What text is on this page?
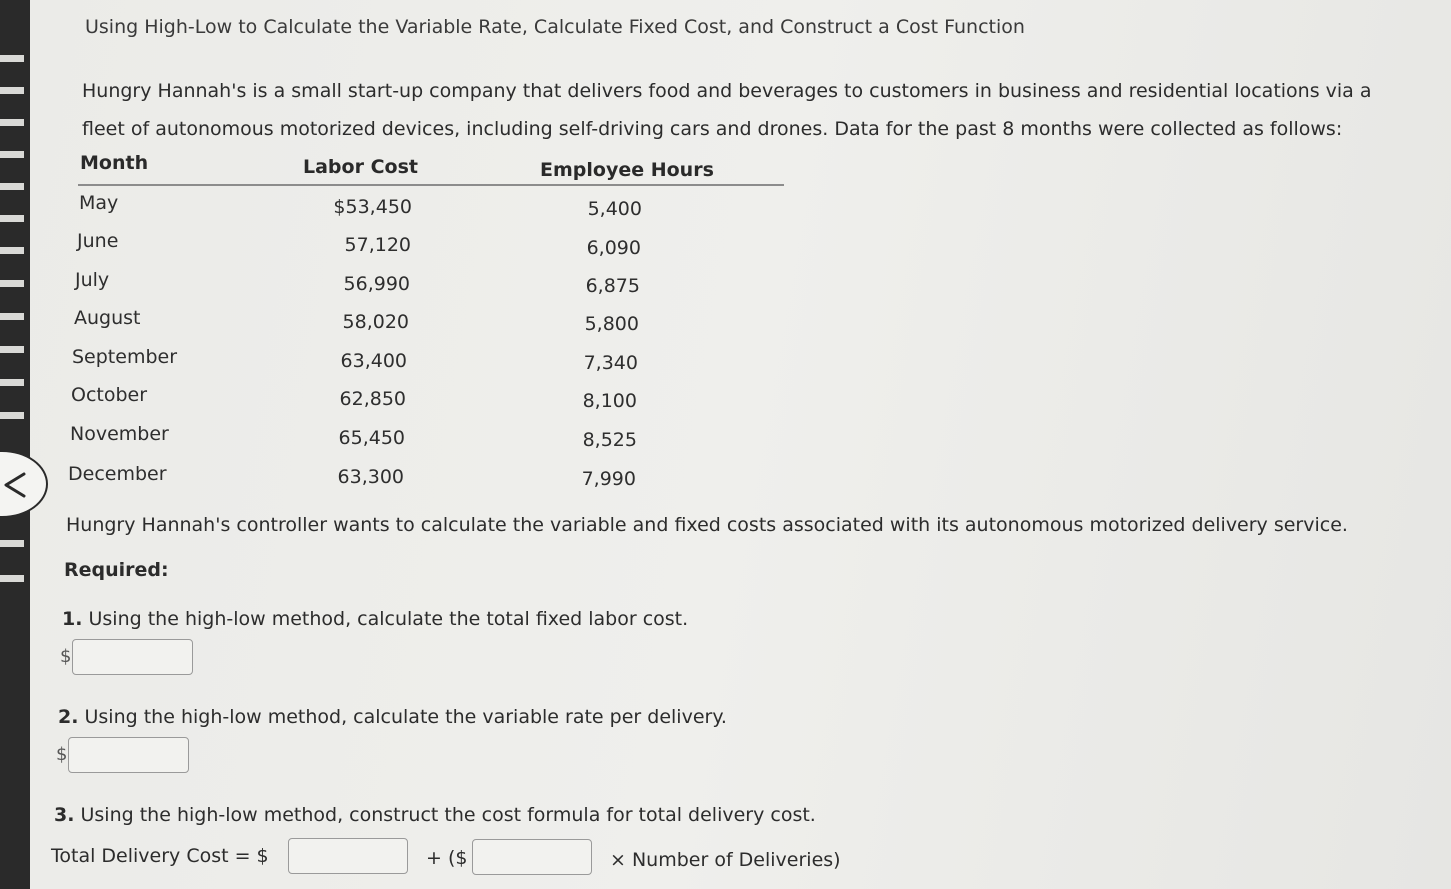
Using High-Low to Calculate the Variable Rate, Calculate Fixed Cost, and Construct a Cost Function
Hungry Hannah's is a small start-up company that delivers food and beverages to customers in business and residential locations via a
fleet of autonomous motorized devices, including self-driving cars and drones. Data for the past 8 months were collected as follows:
Month	Labor Cost	Employee Hours
May	$53,450	5,400
June	57,120	6,090
July	56,990	6,875
August	58,020	5,800
September	63,400	7,340
October	62,850	8,100
November	65,450	8,525
December	63,300	7,990
Hungry Hannah's controller wants to calculate the variable and fixed costs associated with its autonomous motorized delivery service.
Required:
1. Using the high-low method, calculate the total fixed labor cost.
$
2. Using the high-low method, calculate the variable rate per delivery.
$
3. Using the high-low method, construct the cost formula for total delivery cost.
Total Delivery Cost = $	+ ($	× Number of Deliveries)
